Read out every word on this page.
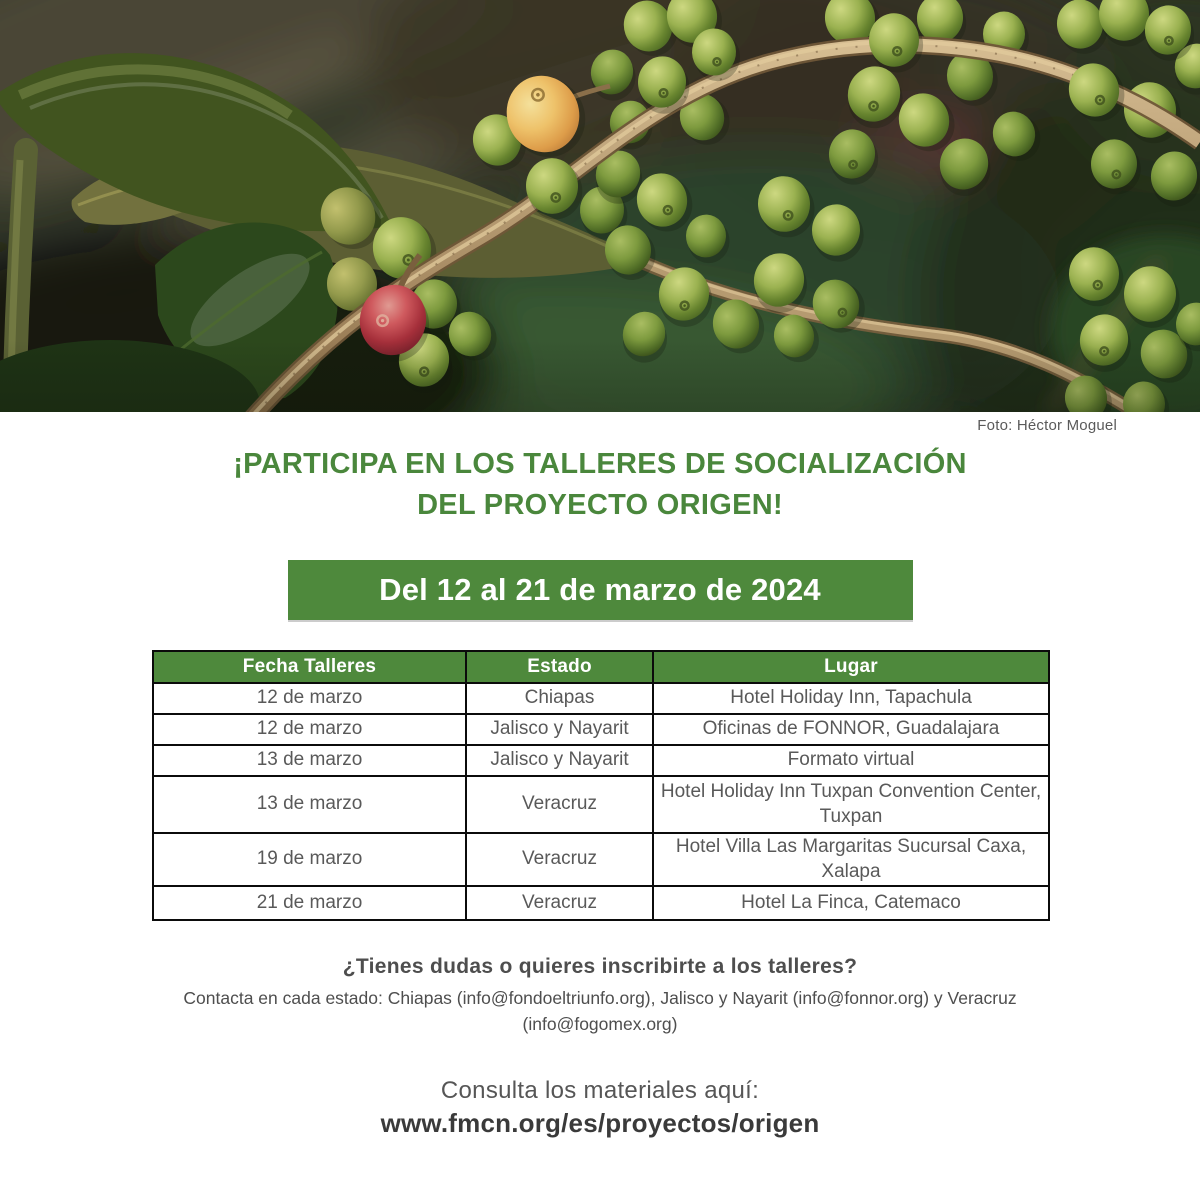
Foto: Héctor Moguel
¡PARTICIPA EN LOS TALLERES DE SOCIALIZACIÓN
DEL PROYECTO ORIGEN!
Del 12 al 21 de marzo de 2024
Fecha Talleres	Estado	Lugar
12 de marzo	Chiapas	Hotel Holiday Inn, Tapachula
12 de marzo	Jalisco y Nayarit	Oficinas de FONNOR, Guadalajara
13 de marzo	Jalisco y Nayarit	Formato virtual
13 de marzo	Veracruz	Hotel Holiday Inn Tuxpan Convention Center, Tuxpan
19 de marzo	Veracruz	Hotel Villa Las Margaritas Sucursal Caxa, Xalapa
21 de marzo	Veracruz	Hotel La Finca, Catemaco
¿Tienes dudas o quieres inscribirte a los talleres?
Contacta en cada estado: Chiapas (info@fondoeltriunfo.org), Jalisco y Nayarit (info@fonnor.org) y Veracruz
(info@fogomex.org)
Consulta los materiales aquí:
www.fmcn.org/es/proyectos/origen
